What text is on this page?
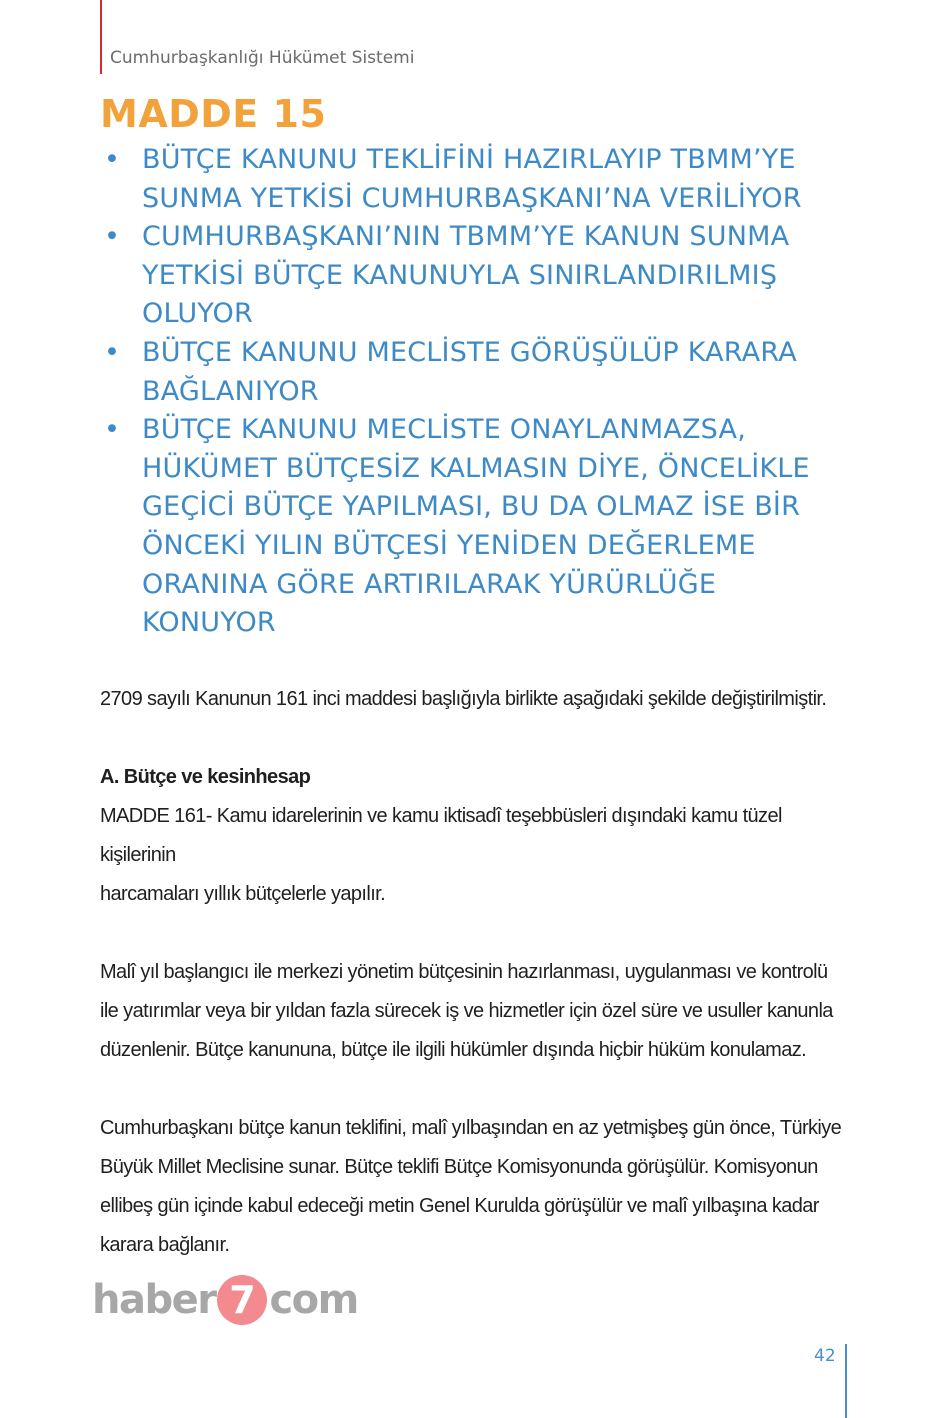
Cumhurbaşkanlığı Hükümet Sistemi
MADDE 15
• BÜTÇE KANUNU TEKLİFİNİ HAZIRLAYIP TBMM’YE
SUNMA YETKİSİ CUMHURBAŞKANI’NA VERİLİYOR
• CUMHURBAŞKANI’NIN TBMM’YE KANUN SUNMA
YETKİSİ BÜTÇE KANUNUYLA SINIRLANDIRILMIŞ
OLUYOR
• BÜTÇE KANUNU MECLİSTE GÖRÜŞÜLÜP KARARA
BAĞLANIYOR
• BÜTÇE KANUNU MECLİSTE ONAYLANMAZSA,
HÜKÜMET BÜTÇESİZ KALMASIN DİYE, ÖNCELİKLE
GEÇİCİ BÜTÇE YAPILMASI, BU DA OLMAZ İSE BİR
ÖNCEKİ YILIN BÜTÇESİ YENİDEN DEĞERLEME
ORANINA GÖRE ARTIRILARAK YÜRÜRLÜĞE
KONUYOR

2709 sayılı Kanunun 161 inci maddesi başlığıyla birlikte aşağıdaki şekilde değiştirilmiştir.

A. Bütçe ve kesinhesap

MADDE 161- Kamu idarelerinin ve kamu iktisadî teşebbüsleri dışındaki kamu tüzel kişilerinin
harcamaları yıllık bütçelerle yapılır.

Malî yıl başlangıcı ile merkezi yönetim bütçesinin hazırlanması, uygulanması ve kontrolü
ile yatırımlar veya bir yıldan fazla sürecek iş ve hizmetler için özel süre ve usuller kanunla
düzenlenir. Bütçe kanununa, bütçe ile ilgili hükümler dışında hiçbir hüküm konulamaz.

Cumhurbaşkanı bütçe kanun teklifini, malî yılbaşından en az yetmişbeş gün önce, Türkiye
Büyük Millet Meclisine sunar. Bütçe teklifi Bütçe Komisyonunda görüşülür. Komisyonun
ellibeş gün içinde kabul edeceği metin Genel Kurulda görüşülür ve malî yılbaşına kadar
karara bağlanır.

haber 7 com
42
